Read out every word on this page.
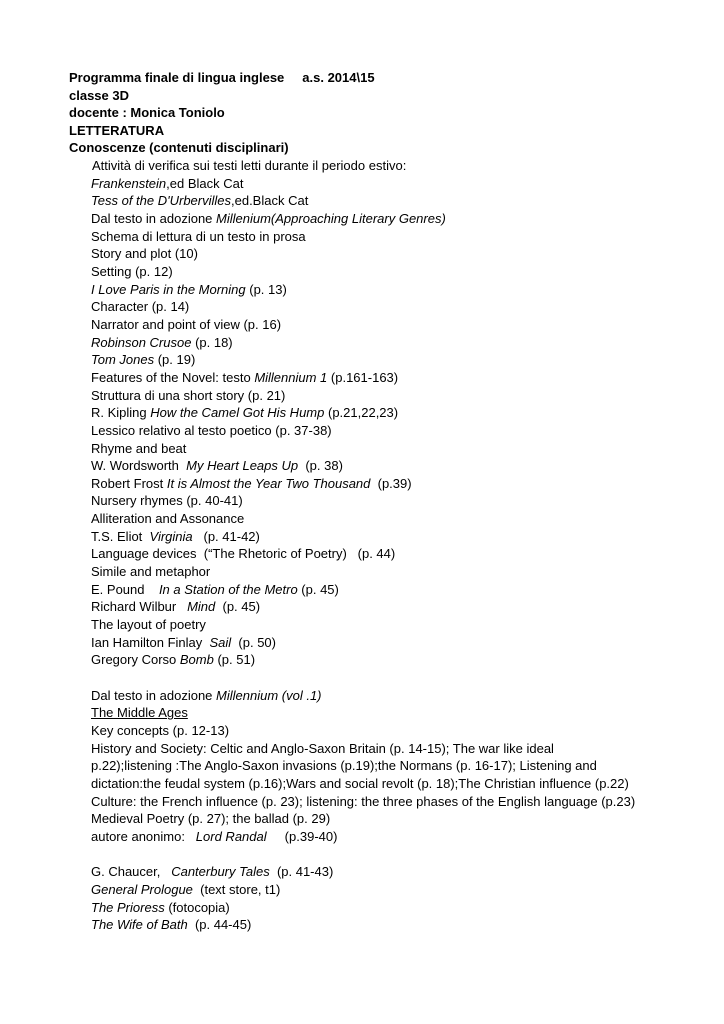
Programma finale di lingua inglese a.s. 2014\15
classe 3D
docente : Monica Toniolo
LETTERATURA
Conoscenze (contenuti disciplinari)
Attività di verifica sui testi letti durante il periodo estivo:
Frankenstein,ed Black Cat
Tess of the D'Urbervilles,ed.Black Cat
Dal testo in adozione Millenium(Approaching Literary Genres)
Schema di lettura di un testo in prosa
Story and plot (10)
Setting (p. 12)
I Love Paris in the Morning (p. 13)
Character (p. 14)
Narrator and point of view (p. 16)
Robinson Crusoe (p. 18)
Tom Jones (p. 19)
Features of the Novel: testo Millennium 1 (p.161-163)
Struttura di una short story (p. 21)
R. Kipling How the Camel Got His Hump (p.21,22,23)
Lessico relativo al testo poetico (p. 37-38)
Rhyme and beat
W. Wordsworth  My Heart Leaps Up  (p. 38)
Robert Frost It is Almost the Year Two Thousand  (p.39)
Nursery rhymes (p. 40-41)
Alliteration and Assonance
T.S. Eliot  Virginia   (p. 41-42)
Language devices  (“The Rhetoric of Poetry)   (p. 44)
Simile and metaphor
E. Pound    In a Station of the Metro (p. 45)
Richard Wilbur   Mind  (p. 45)
The layout of poetry
Ian Hamilton Finlay  Sail  (p. 50)
Gregory Corso Bomb (p. 51)
Dal testo in adozione Millennium (vol .1)
The Middle Ages
Key concepts (p. 12-13)
History and Society: Celtic and Anglo-Saxon Britain (p. 14-15); The war like ideal
p.22);listening :The Anglo-Saxon invasions (p.19);the Normans (p. 16-17); Listening and
dictation:the feudal system (p.16);Wars and social revolt (p. 18);The Christian influence (p.22)
Culture: the French influence (p. 23); listening: the three phases of the English language (p.23)
Medieval Poetry (p. 27); the ballad (p. 29)
autore anonimo:   Lord Randal     (p.39-40)
G. Chaucer,   Canterbury Tales  (p. 41-43)
General Prologue  (text store, t1)
The Prioress (fotocopia)
The Wife of Bath  (p. 44-45)
